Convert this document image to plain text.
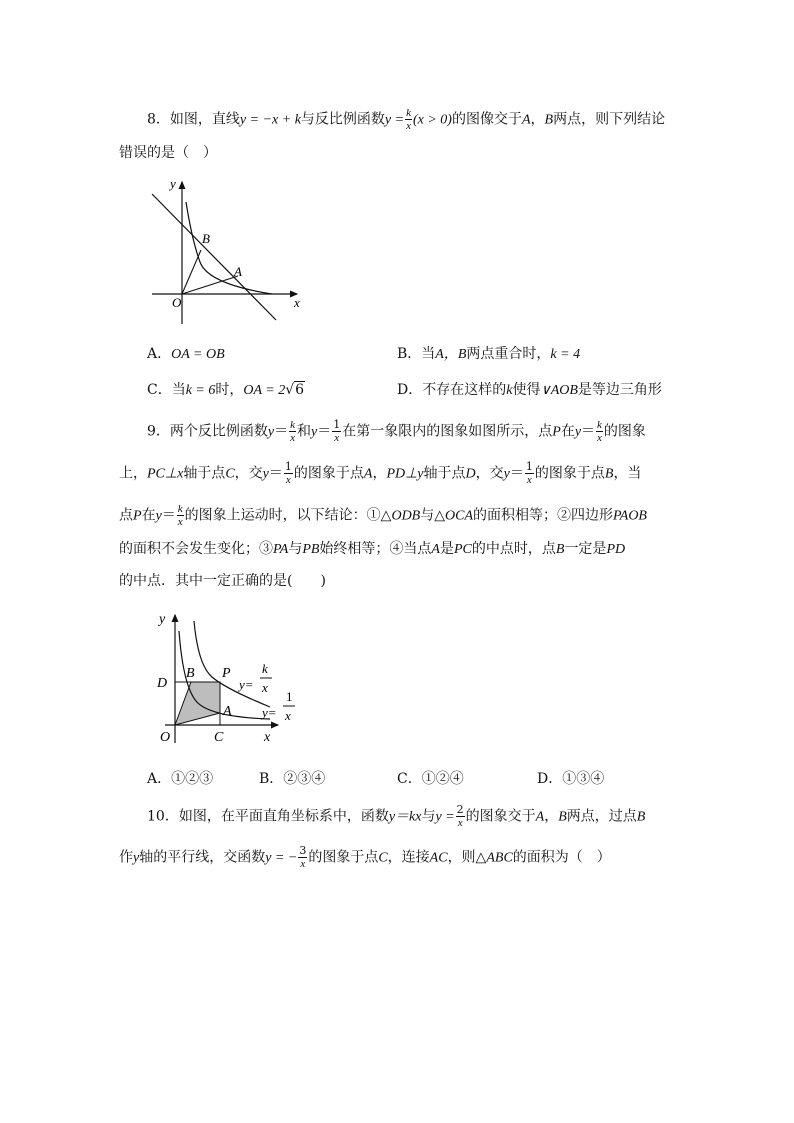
8．如图，直线y = −x + k与反比例函数$y = \frac{k}{x} (x > 0)$的图像交于A，B两点，则下列结论
错误的是（　）
y
x
O
B
A
A．OA = OB	B．当A，B两点重合时，k = 4
C．当k = 6时，OA = 2√6	D．不存在这样的k使得∨AOB是等边三角形
9．两个反比例函数$y= \frac{k}{x}$ 和$y= \frac{1}{x}$ 在第一象限内的图象如图所示，点P在$y= \frac{k}{x}$ 的图象
上，PC⊥x轴于点C，交$y= \frac{1}{x}$ 的图象于点A，PD⊥y轴于点D，交$y= \frac{1}{x}$ 的图象于点B，当
点P在$y= \frac{k}{x}$ 的图象上运动时，以下结论：①△ODB与△OCA的面积相等；②四边形PAOB
的面积不会发生变化；③PA与PB始终相等；④当点A是PC的中点时，点B一定是PD
的中点．其中一定正确的是(　　)
y
x
O
D
B P
A
C
y=
k
x
y=
1
x
A．①②③	B．②③④	C．①②④	D．①③④
10．如图，在平面直角坐标系中，函数y＝kx与$y = \frac{2}{x}$ 的图象交于A，B两点，过点B
作y轴的平行线，交函数y = − $\frac{3}{x}$ 的图象于点C，连接AC，则△ABC的面积为（　）
